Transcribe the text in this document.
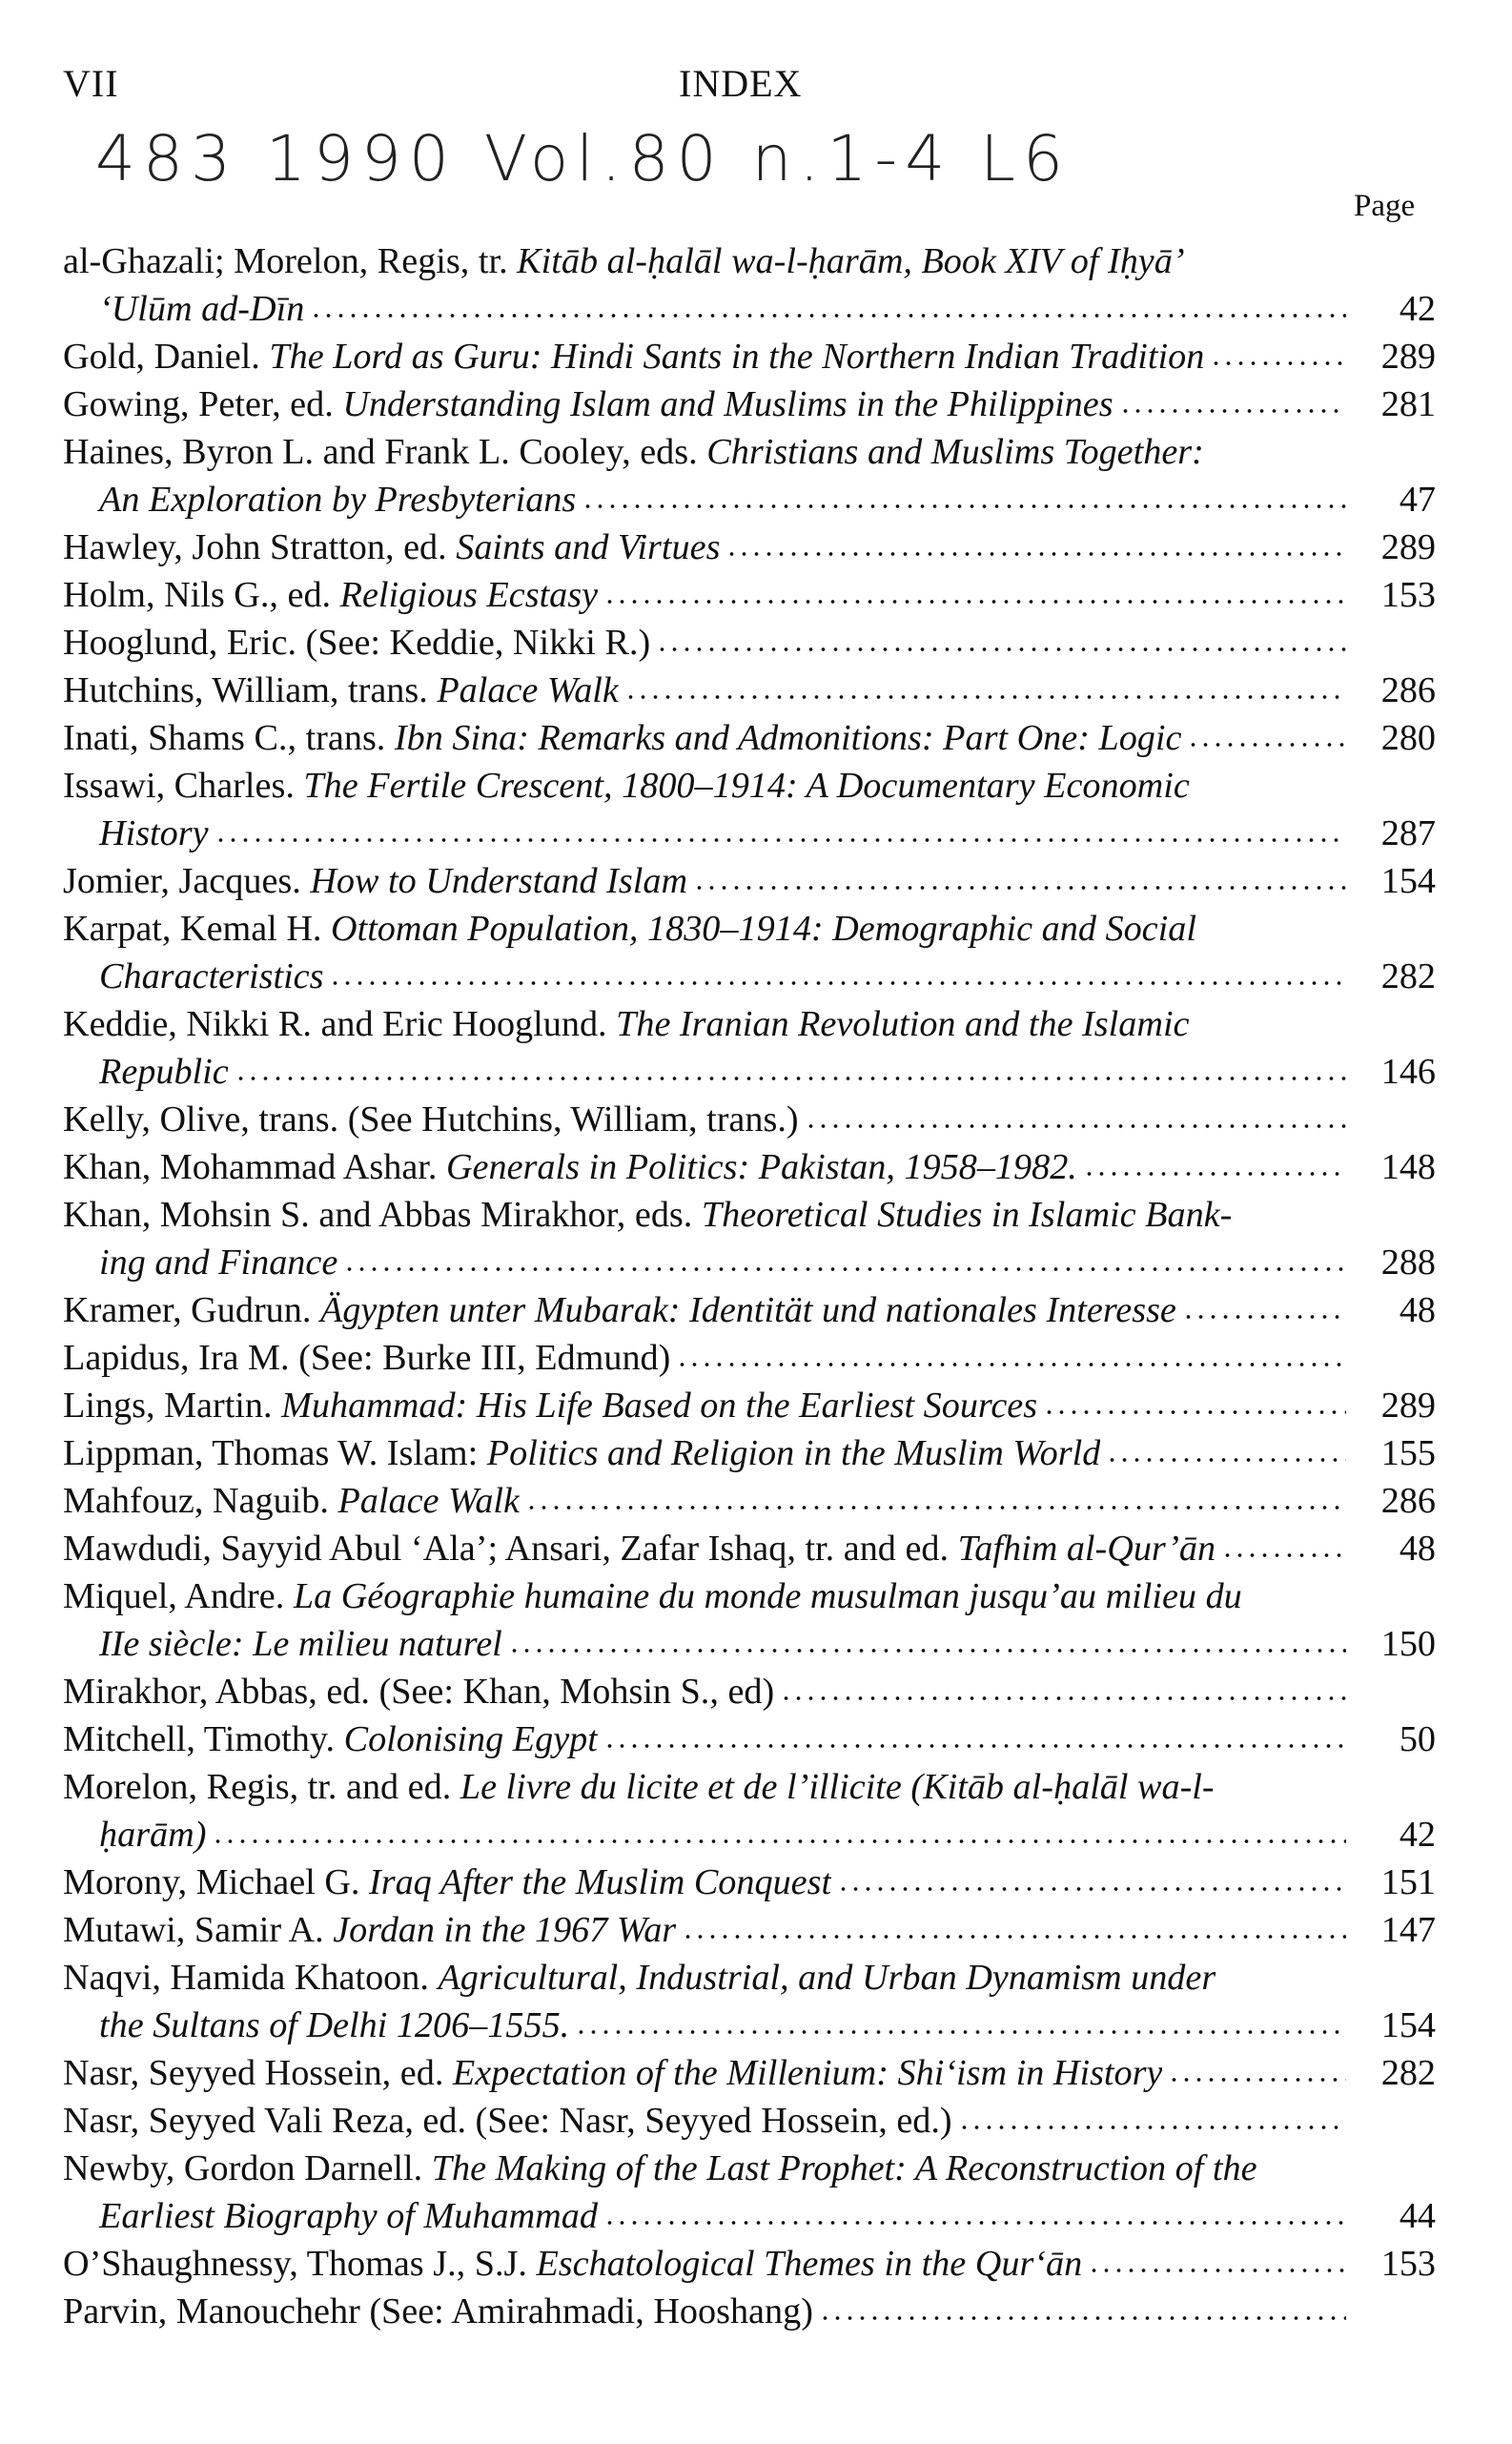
VII	INDEX
483 1990 Vol.80 n.1-4 L6
Page
al-Ghazali; Morelon, Regis, tr. Kitāb al-ḥalāl wa-l-ḥarām, Book XIV of Iḥyā’
‘Ulūm ad-Dīn	42
Gold, Daniel. The Lord as Guru: Hindi Sants in the Northern Indian Tradition	289
Gowing, Peter, ed. Understanding Islam and Muslims in the Philippines	281
Haines, Byron L. and Frank L. Cooley, eds. Christians and Muslims Together:
An Exploration by Presbyterians	47
Hawley, John Stratton, ed. Saints and Virtues	289
Holm, Nils G., ed. Religious Ecstasy	153
Hooglund, Eric. (See: Keddie, Nikki R.)
Hutchins, William, trans. Palace Walk	286
Inati, Shams C., trans. Ibn Sina: Remarks and Admonitions: Part One: Logic	280
Issawi, Charles. The Fertile Crescent, 1800–1914: A Documentary Economic
History	287
Jomier, Jacques. How to Understand Islam	154
Karpat, Kemal H. Ottoman Population, 1830–1914: Demographic and Social
Characteristics	282
Keddie, Nikki R. and Eric Hooglund. The Iranian Revolution and the Islamic
Republic	146
Kelly, Olive, trans. (See Hutchins, William, trans.)
Khan, Mohammad Ashar. Generals in Politics: Pakistan, 1958–1982.	148
Khan, Mohsin S. and Abbas Mirakhor, eds. Theoretical Studies in Islamic Bank-
ing and Finance	288
Kramer, Gudrun. Ägypten unter Mubarak: Identität und nationales Interesse	48
Lapidus, Ira M. (See: Burke III, Edmund)
Lings, Martin. Muhammad: His Life Based on the Earliest Sources	289
Lippman, Thomas W. Islam: Politics and Religion in the Muslim World	155
Mahfouz, Naguib. Palace Walk	286
Mawdudi, Sayyid Abul ‘Ala’; Ansari, Zafar Ishaq, tr. and ed. Tafhim al-Qur’ān	48
Miquel, Andre. La Géographie humaine du monde musulman jusqu’au milieu du
IIe siècle: Le milieu naturel	150
Mirakhor, Abbas, ed. (See: Khan, Mohsin S., ed)
Mitchell, Timothy. Colonising Egypt	50
Morelon, Regis, tr. and ed. Le livre du licite et de l’illicite (Kitāb al-ḥalāl wa-l-
ḥarām)	42
Morony, Michael G. Iraq After the Muslim Conquest	151
Mutawi, Samir A. Jordan in the 1967 War	147
Naqvi, Hamida Khatoon. Agricultural, Industrial, and Urban Dynamism under
the Sultans of Delhi 1206–1555.	154
Nasr, Seyyed Hossein, ed. Expectation of the Millenium: Shi‘ism in History	282
Nasr, Seyyed Vali Reza, ed. (See: Nasr, Seyyed Hossein, ed.)
Newby, Gordon Darnell. The Making of the Last Prophet: A Reconstruction of the
Earliest Biography of Muhammad	44
O’Shaughnessy, Thomas J., S.J. Eschatological Themes in the Qur‘ān	153
Parvin, Manouchehr (See: Amirahmadi, Hooshang)
